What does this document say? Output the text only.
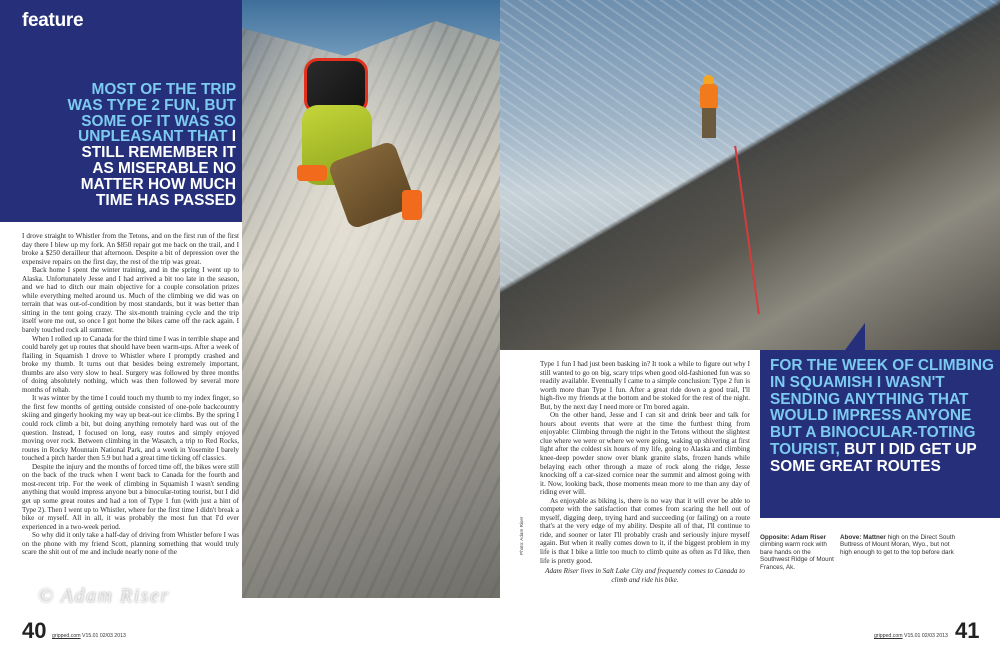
feature
MOST OF THE TRIP WAS TYPE 2 FUN, BUT SOME OF IT WAS SO UNPLEASANT THAT I STILL REMEMBER IT AS MISERABLE NO MATTER HOW MUCH TIME HAS PASSED

I drove straight to Whistler from the Tetons, and on the first run of the first day there I blew up my fork. An $850 repair got me back on the trail, and I broke a $250 derailleur that afternoon. Despite a bit of depression over the expensive repairs on the first day, the rest of the trip was great.

Back home I spent the winter training, and in the spring I went up to Alaska. Unfortunately Jesse and I had arrived a bit too late in the season, and we had to ditch our main objective for a couple consolation prizes while everything melted around us. Much of the climbing we did was on terrain that was out-of-condition by most standards, but it was better than sitting in the tent going crazy. The six-month training cycle and the trip itself wore me out, so once I got home the bikes came off the rack again. I barely touched rock all summer.

When I rolled up to Canada for the third time I was in terrible shape and could barely get up routes that should have been warm-ups. After a week of flailing in Squamish I drove to Whistler where I promptly crashed and broke my thumb. It turns out that besides being extremely important, thumbs are also very slow to heal. Surgery was followed by three months of doing absolutely nothing, which was then followed by several more months of rehab.

It was winter by the time I could touch my thumb to my index finger, so the first few months of getting outside consisted of one-pole backcountry skiing and gingerly hooking my way up beat-out ice climbs. By the spring I could rock climb a bit, but doing anything remotely hard was out of the question. Instead, I focused on long, easy routes and simply enjoyed moving over rock. Between climbing in the Wasatch, a trip to Red Rocks, routes in Rocky Mountain National Park, and a week in Yosemite I barely touched a pitch harder then 5.9 but had a great time ticking off classics.

Despite the injury and the months of forced time off, the bikes were still on the back of the truck when I went back to Canada for the fourth and most-recent trip. For the week of climbing in Squamish I wasn't sending anything that would impress anyone but a binocular-toting tourist, but I did get up some great routes and had a ton of Type 1 fun (with just a hint of Type 2). Then I went up to Whistler, where for the first time I didn't break a bike or myself. All in all, it was probably the most fun that I'd ever experienced in a two-week period.

So why did it only take a half-day of driving from Whistler before I was on the phone with my friend Scott, planning something that would truly scare the shit out of me and include nearly none of the

© Adam Riser
40 gripped.com V15.01 02/03 2013
FOR THE WEEK OF CLIMBING IN SQUAMISH I WASN'T SENDING ANYTHING THAT WOULD IMPRESS ANYONE BUT A BINOCULAR-TOTING TOURIST, BUT I DID GET UP SOME GREAT ROUTES
Photo: Adam Riser

Type 1 fun I had just been basking in? It took a while to figure out why I still wanted to go on big, scary trips when good old-fashioned fun was so readily available. Eventually I came to a simple conclusion: Type 2 fun is worth more than Type 1 fun. After a great ride down a good trail, I'll high-five my friends at the bottom and be stoked for the rest of the night. But, by the next day I need more or I'm bored again.

On the other hand, Jesse and I can sit and drink beer and talk for hours about events that were at the time the furthest thing from enjoyable: Climbing through the night in the Tetons without the slightest clue where we were or where we were going, waking up shivering at first light after the coldest six hours of my life, going to Alaska and climbing knee-deep powder snow over blank granite slabs, frozen hands while belaying each other through a maze of rock along the ridge, Jesse knocking off a car-sized cornice near the summit and almost going with it. Now, looking back, those moments mean more to me than any day of riding ever will.

As enjoyable as biking is, there is no way that it will ever be able to compete with the satisfaction that comes from scaring the hell out of myself, digging deep, trying hard and succeeding (or failing) on a route that's at the very edge of my ability. Despite all of that, I'll continue to ride, and sooner or later I'll probably crash and seriously injure myself again. But when it really comes down to it, if the biggest problem in my life is that I bike a little too much to climb quite as often as I'd like, then life is pretty good.

Adam Riser lives in Salt Lake City and frequently comes to Canada to climb and ride his bike.

Opposite: Adam Riser climbing warm rock with bare hands on the Southwest Ridge of Mount Frances, Ak.
Above: Mattner high on the Direct South Buttress of Mount Moran, Wyo., but not high enough to get to the top before dark
gripped.com V15.01 02/03 2013 41
